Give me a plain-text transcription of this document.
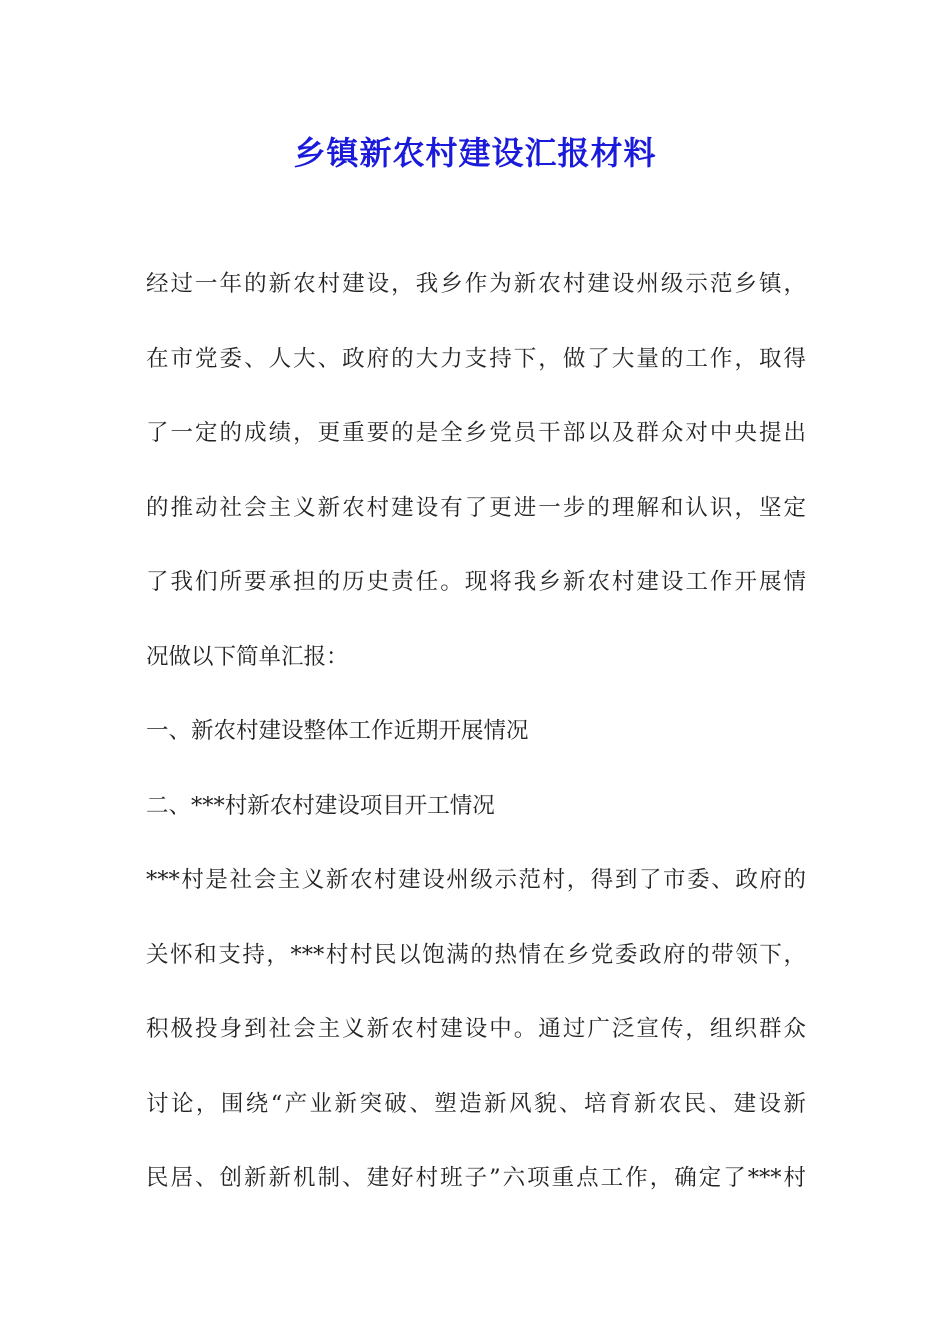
乡镇新农村建设汇报材料
经过一年的新农村建设，我乡作为新农村建设州级示范乡镇，
在市党委、人大、政府的大力支持下，做了大量的工作，取得
了一定的成绩，更重要的是全乡党员干部以及群众对中央提出
的推动社会主义新农村建设有了更进一步的理解和认识，坚定
了我们所要承担的历史责任。现将我乡新农村建设工作开展情
况做以下简单汇报：
一、新农村建设整体工作近期开展情况
二、***村新农村建设项目开工情况
***村是社会主义新农村建设州级示范村，得到了市委、政府的
关怀和支持，***村村民以饱满的热情在乡党委政府的带领下，
积极投身到社会主义新农村建设中。通过广泛宣传，组织群众
讨论，围绕“产业新突破、塑造新风貌、培育新农民、建设新
民居、创新新机制、建好村班子”六项重点工作，确定了***村
